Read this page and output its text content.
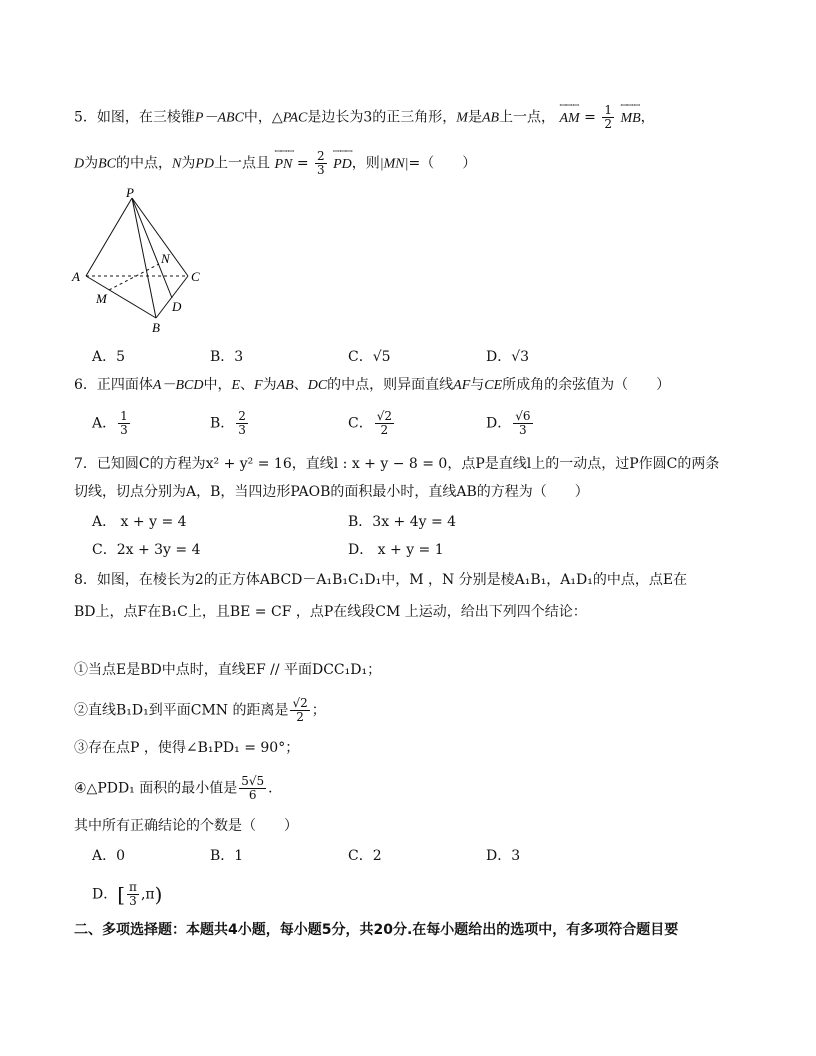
5．如图，在三棱锥P－ABC中，△PAC是边长为3的正三角形，M是AB上一点，
ꟷꟷꟷ
AM = $\frac{1}{2}$
ꟷꟷꟷ
MB，
D为BC的中点，N为PD上一点且
ꟷꟷꟷ
PN = $\frac{2}{3}$
ꟷꟷꟷ
PD，则|MN|=（　　）
P
A	C
N
M
D
B
A．5	B．3	C．√5	D．√3
6．正四面体A－BCD中，E、F为AB、DC的中点，则异面直线AF与CE所成角的余弦值为（　　）
A． $\frac{1}{3}$	B． $\frac{2}{3}$	C． $\frac{√2}{2}$	D． $\frac{√6}{3}$
7．已知圆C的方程为x² + y² = 16，直线l : x + y − 8 = 0，点P是直线l上的一动点，过P作圆C的两条
切线，切点分别为A，B，当四边形PAOB的面积最小时，直线AB的方程为（　　）
A． x + y = 4	B．3x + 4y = 4
C．2x + 3y = 4	D． x + y = 1
8．如图，在棱长为2的正方体ABCD－A₁B₁C₁D₁中，M ，N 分别是棱A₁B₁，A₁D₁的中点，点E在
BD上，点F在B₁C上，且BE = CF ，点P在线段CM 上运动，给出下列四个结论：
①当点E是BD中点时，直线EF // 平面DCC₁D₁；
②直线B₁D₁到平面CMN 的距离是 $\frac{√2}{2}$ ；
③存在点P ，使得∠B₁PD₁ = 90°；
④△PDD₁ 面积的最小值是 $\frac{5√5}{6}$ ．
其中所有正确结论的个数是（　　）
A．0	B．1	C．2	D．3
D．[ $\frac{\pi}{3} ,\pi$)
二、多项选择题：本题共4小题，每小题5分，共20分.在每小题给出的选项中，有多项符合题目要
